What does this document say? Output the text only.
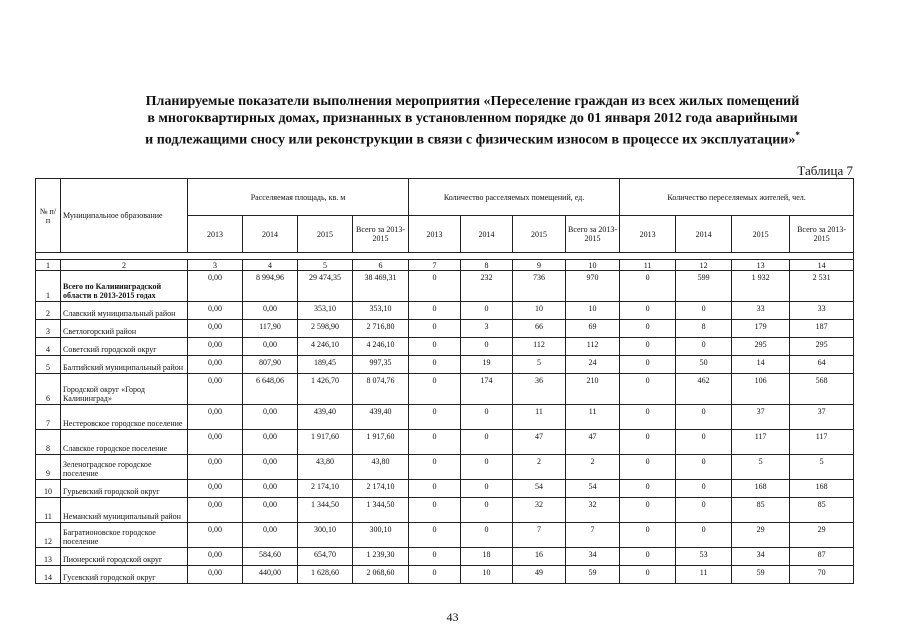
Планируемые показатели выполнения мероприятия «Переселение граждан из всех жилых помещений
в многоквартирных домах, признанных в установленном порядке до 01 января 2012 года аварийными
и подлежащими сносу или реконструкции в связи с физическим износом в процессе их эксплуатации»*
Таблица 7
№ п/п	Муниципальное образование	Расселяемая площадь, кв. м				Количество расселяемых помещений, ед.				Количество переселяемых жителей, чел.			
		2013	2014	2015	Всего за 2013-2015	2013	2014	2015	Всего за 2013-2015	2013	2014	2015	Всего за 2013-2015

1	2	3	4	5	6	7	8	9	10	11	12	13	14
1	Всего по Калининградской области в 2013-2015 годах	0,00	8 994,96	29 474,35	38 469,31	0	232	736	970	0	599	1 932	2 531
2	Славский муниципальный район	0,00	0,00	353,10	353,10	0	0	10	10	0	0	33	33
3	Светлогорский район	0,00	117,90	2 598,90	2 716,80	0	3	66	69	0	8	179	187
4	Советский городской округ	0,00	0,00	4 246,10	4 246,10	0	0	112	112	0	0	295	295
5	Балтийский муниципальный район	0,00	807,90	189,45	997,35	0	19	5	24	0	50	14	64
6	Городской округ «Город Калининград»	0,00	6 648,06	1 426,70	8 074,76	0	174	36	210	0	462	106	568
7	Нестеровское городское поселение	0,00	0,00	439,40	439,40	0	0	11	11	0	0	37	37
8	Славское городское поселение	0,00	0,00	1 917,60	1 917,60	0	0	47	47	0	0	117	117
9	Зеленоградское городское поселение	0,00	0,00	43,80	43,80	0	0	2	2	0	0	5	5
10	Гурьевский городской округ	0,00	0,00	2 174,10	2 174,10	0	0	54	54	0	0	168	168
11	Неманский муниципальный район	0,00	0,00	1 344,50	1 344,50	0	0	32	32	0	0	85	85
12	Багратионовское городское поселение	0,00	0,00	300,10	300,10	0	0	7	7	0	0	29	29
13	Пионерский городской округ	0,00	584,60	654,70	1 239,30	0	18	16	34	0	53	34	87
14	Гусевский городской округ	0,00	440,00	1 628,60	2 068,60	0	10	49	59	0	11	59	70
43
